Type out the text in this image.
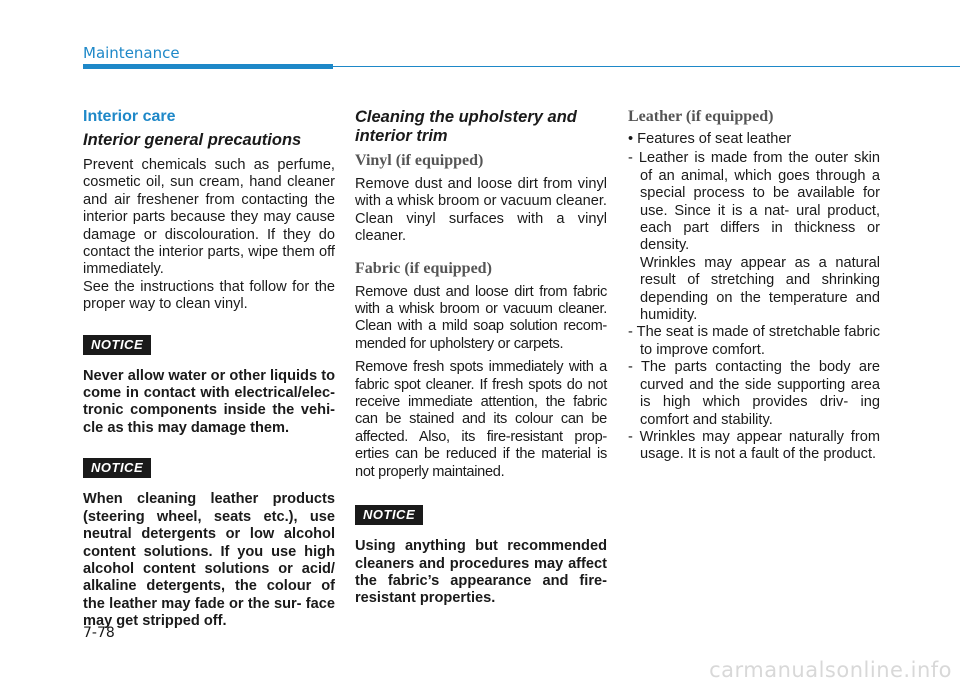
Maintenance
Interior care
Interior general precautions

Prevent chemicals such as perfume, cosmetic oil, sun cream, hand cleaner and air freshener from contacting the interior parts because they may cause damage or discolouration. If they do contact the interior parts, wipe them off immediately.

See the instructions that follow for the proper way to clean vinyl.

NOTICE

Never allow water or other liquids to come in contact with electrical/elec- tronic components inside the vehi- cle as this may damage them.

NOTICE

When cleaning leather products (steering wheel, seats etc.), use neutral detergents or low alcohol content solutions. If you use high alcohol content solutions or acid/ alkaline detergents, the colour of the leather may fade or the sur- face may get stripped off.

Cleaning the upholstery and interior trim
Vinyl (if equipped)

Remove dust and loose dirt from vinyl with a whisk broom or vacuum cleaner. Clean vinyl surfaces with a vinyl cleaner.

Fabric (if equipped)

Remove dust and loose dirt from fabric with a whisk broom or vacuum cleaner. Clean with a mild soap solution recom- mended for upholstery or carpets.

Remove fresh spots immediately with a fabric spot cleaner. If fresh spots do not receive immediate attention, the fabric can be stained and its colour can be affected. Also, its fire-resistant prop- erties can be reduced if the material is not properly maintained.

NOTICE

Using anything but recommended cleaners and procedures may affect the fabric’s appearance and fire- resistant properties.

Leather (if equipped)

• Features of seat leather

- Leather is made from the outer skin of an animal, which goes through a special process to be available for use. Since it is a nat- ural product, each part differs in thickness or density.

Wrinkles may appear as a natural result of stretching and shrinking depending on the temperature and humidity.

- The seat is made of stretchable fabric to improve comfort.

- The parts contacting the body are curved and the side supporting area is high which provides driv- ing comfort and stability.

- Wrinkles may appear naturally from usage. It is not a fault of the product.

7-78
carmanualsonline.info
